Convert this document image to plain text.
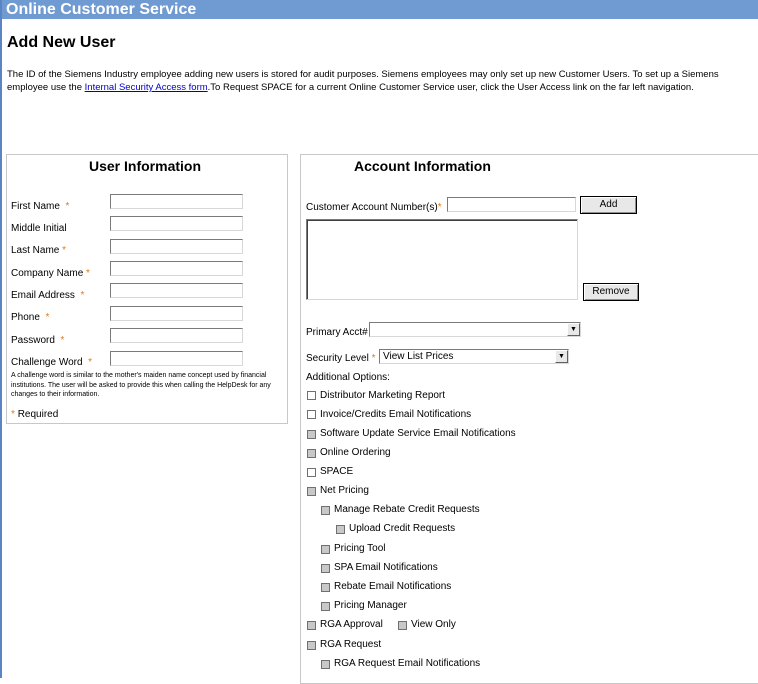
Online Customer Service
Add New User
The ID of the Siemens Industry employee adding new users is stored for audit purposes. Siemens employees may only set up new Customer Users. To set up a Siemens employee use the Internal Security Access form.To Request SPACE for a current Online Customer Service user, click the User Access link on the far left navigation.
User Information
First Name *
Middle Initial
Last Name *
Company Name *
Email Address *
Phone *
Password *
Challenge Word *
A challenge word is similar to the mother's maiden name concept used by financial institutions. The user will be asked to provide this when calling the HelpDesk for any changes to their information.
* Required
Account Information
Customer Account Number(s)*	Add
Remove
Primary Acct#	▼
Security Level * View List Prices	▼
Additional Options:
Distributor Marketing Report
Invoice/Credits Email Notifications
Software Update Service Email Notifications
Online Ordering
SPACE
Net Pricing
Manage Rebate Credit Requests
Upload Credit Requests
Pricing Tool
SPA Email Notifications
Rebate Email Notifications
Pricing Manager
RGA Approval	View Only
RGA Request
RGA Request Email Notifications
